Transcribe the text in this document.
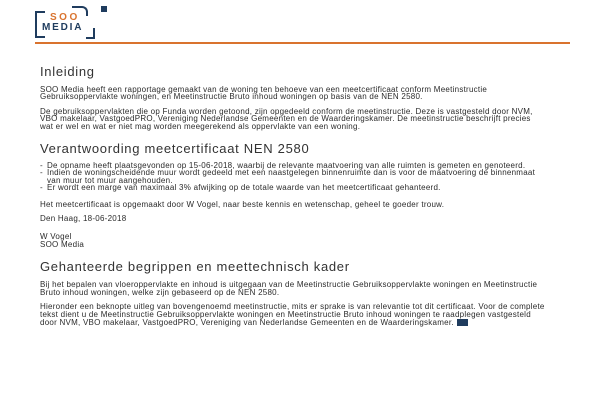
SOO
MEDIA
Inleiding

SOO Media heeft een rapportage gemaakt van de woning ten behoeve van een meetcertificaat conform Meetinstructie Gebruiksoppervlakte woningen, en Meetinstructie Bruto inhoud woningen op basis van de NEN 2580.

De gebruiksoppervlakten die op Funda worden getoond, zijn opgedeeld conform de meetinstructie. Deze is vastgesteld door NVM, VBO makelaar, VastgoedPRO, Vereniging Nederlandse Gemeenten en de Waarderingskamer. De meetinstructie beschrijft precies wat er wel en wat er niet mag worden meegerekend als oppervlakte van een woning.

Verantwoording meetcertificaat NEN 2580
- De opname heeft plaatsgevonden op 15-06-2018, waarbij de relevante maatvoering van alle ruimten is gemeten en genoteerd.
- Indien de woningscheidende muur wordt gedeeld met een naastgelegen binnenruimte dan is voor de maatvoering de binnenmaat van muur tot muur aangehouden.
- Er wordt een marge van maximaal 3% afwijking op de totale waarde van het meetcertificaat gehanteerd.

Het meetcertificaat is opgemaakt door W Vogel, naar beste kennis en wetenschap, geheel te goeder trouw.

Den Haag, 18-06-2018

W Vogel
SOO Media
Gehanteerde begrippen en meettechnisch kader

Bij het bepalen van vloeroppervlakte en inhoud is uitgegaan van de Meetinstructie Gebruiksoppervlakte woningen en Meetinstructie Bruto inhoud woningen, welke zijn gebaseerd op de NEN 2580.

Hieronder een beknopte uitleg van bovengenoemd meetinstructie, mits er sprake is van relevantie tot dit certificaat. Voor de complete tekst dient u de Meetinstructie Gebruiksoppervlakte woningen en Meetinstructie Bruto inhoud woningen te raadplegen vastgesteld door NVM, VBO makelaar, VastgoedPRO, Vereniging van Nederlandse Gemeenten en de Waarderingskamer.
